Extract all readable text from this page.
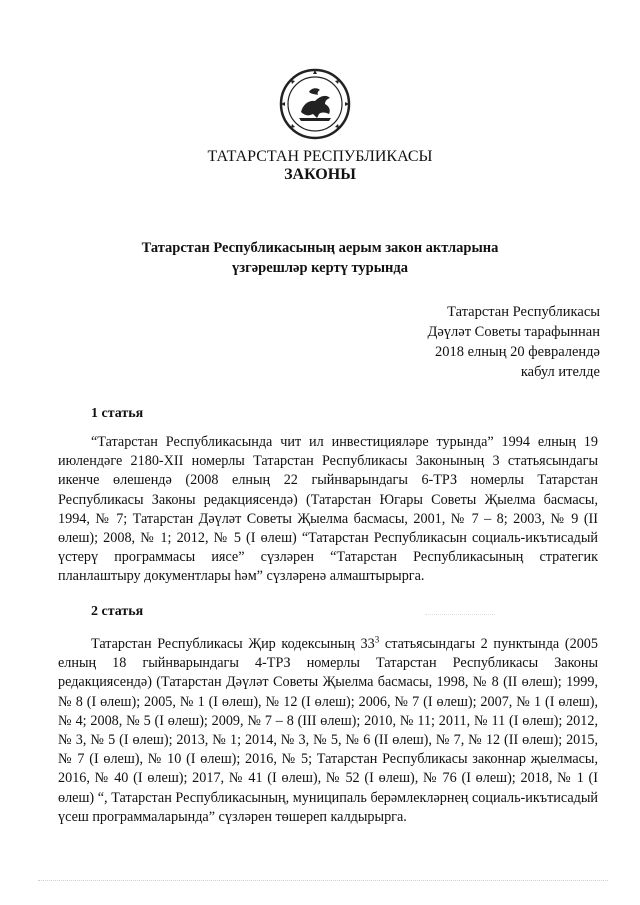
ТАТАРСТАН РЕСПУБЛИКАСЫ
ЗАКОНЫ
Татарстан Республикасының аерым закон актларына
үзгәрешләр кертү турында
Татарстан Республикасы
Дәүләт Советы тарафыннан
2018 елның 20 февралендә
кабул ителде
1 статья

“Татарстан Республикасында чит ил инвестицияләре турында” 1994 елның 19 июлендәге 2180-XII номерлы Татарстан Республикасы Законының 3 статьясындагы икенче өлешендә (2008 елның 22 гыйнварындагы 6-ТРЗ номерлы Татарстан Республикасы Законы редакциясендә) (Татарстан Югары Советы Җыелма басмасы, 1994, № 7; Татарстан Дәүләт Советы Җыелма басмасы, 2001, № 7 – 8; 2003, № 9 (II өлеш); 2008, № 1; 2012, № 5 (I өлеш) “Татарстан Республикасын социаль-икътисадый үстерү программасы иясе” сүзләрен “Татарстан Республикасының стратегик планлаштыру документлары һәм” сүзләренә алмаштырырга.

2 статья

Татарстан Республикасы Җир кодексының $33^3$ статьясындагы 2 пунктында (2005 елның 18 гыйнварындагы 4-ТРЗ номерлы Татарстан Республикасы Законы редакциясендә) (Татарстан Дәүләт Советы Җыелма басмасы, 1998, № 8 (II өлеш); 1999, № 8 (I өлеш); 2005, № 1 (I өлеш), № 12 (I өлеш); 2006, № 7 (I өлеш); 2007, № 1 (I өлеш), № 4; 2008, № 5 (I өлеш); 2009, № 7 – 8 (III өлеш); 2010, № 11; 2011, № 11 (I өлеш); 2012, № 3, № 5 (I өлеш); 2013, № 1; 2014, № 3, № 5, № 6 (II өлеш), № 7, № 12 (II өлеш); 2015, № 7 (I өлеш), № 10 (I өлеш); 2016, № 5; Татарстан Республикасы законнар җыелмасы, 2016, № 40 (I өлеш); 2017, № 41 (I өлеш), № 52 (I өлеш), № 76 (I өлеш); 2018, № 1 (I өлеш) “, Татарстан Республикасының, муниципаль берәмлекләрнең социаль-икътисадый үсеш программаларында” сүзләрен төшереп калдырырга.
